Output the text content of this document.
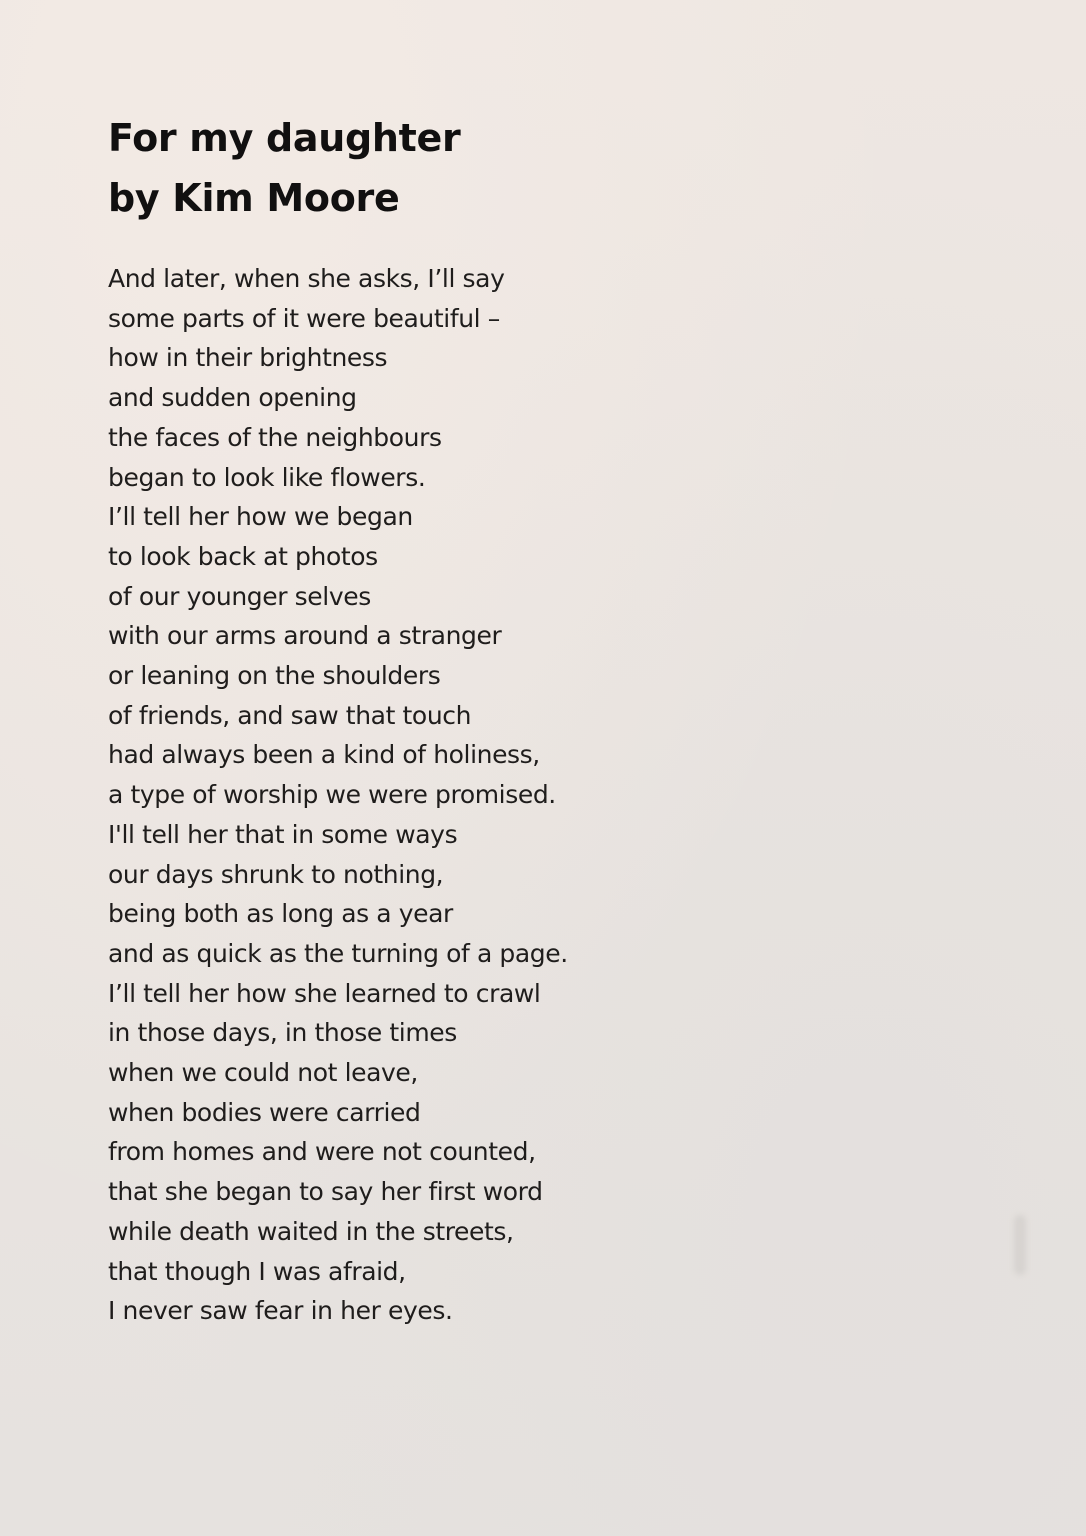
For my daughter
by Kim Moore
And later, when she asks, I’ll say
some parts of it were beautiful –
how in their brightness
and sudden opening
the faces of the neighbours
began to look like flowers.
I’ll tell her how we began
to look back at photos
of our younger selves
with our arms around a stranger
or leaning on the shoulders
of friends, and saw that touch
had always been a kind of holiness,
a type of worship we were promised.
I'll tell her that in some ways
our days shrunk to nothing,
being both as long as a year
and as quick as the turning of a page.
I’ll tell her how she learned to crawl
in those days, in those times
when we could not leave,
when bodies were carried
from homes and were not counted,
that she began to say her first word
while death waited in the streets,
that though I was afraid,
I never saw fear in her eyes.
